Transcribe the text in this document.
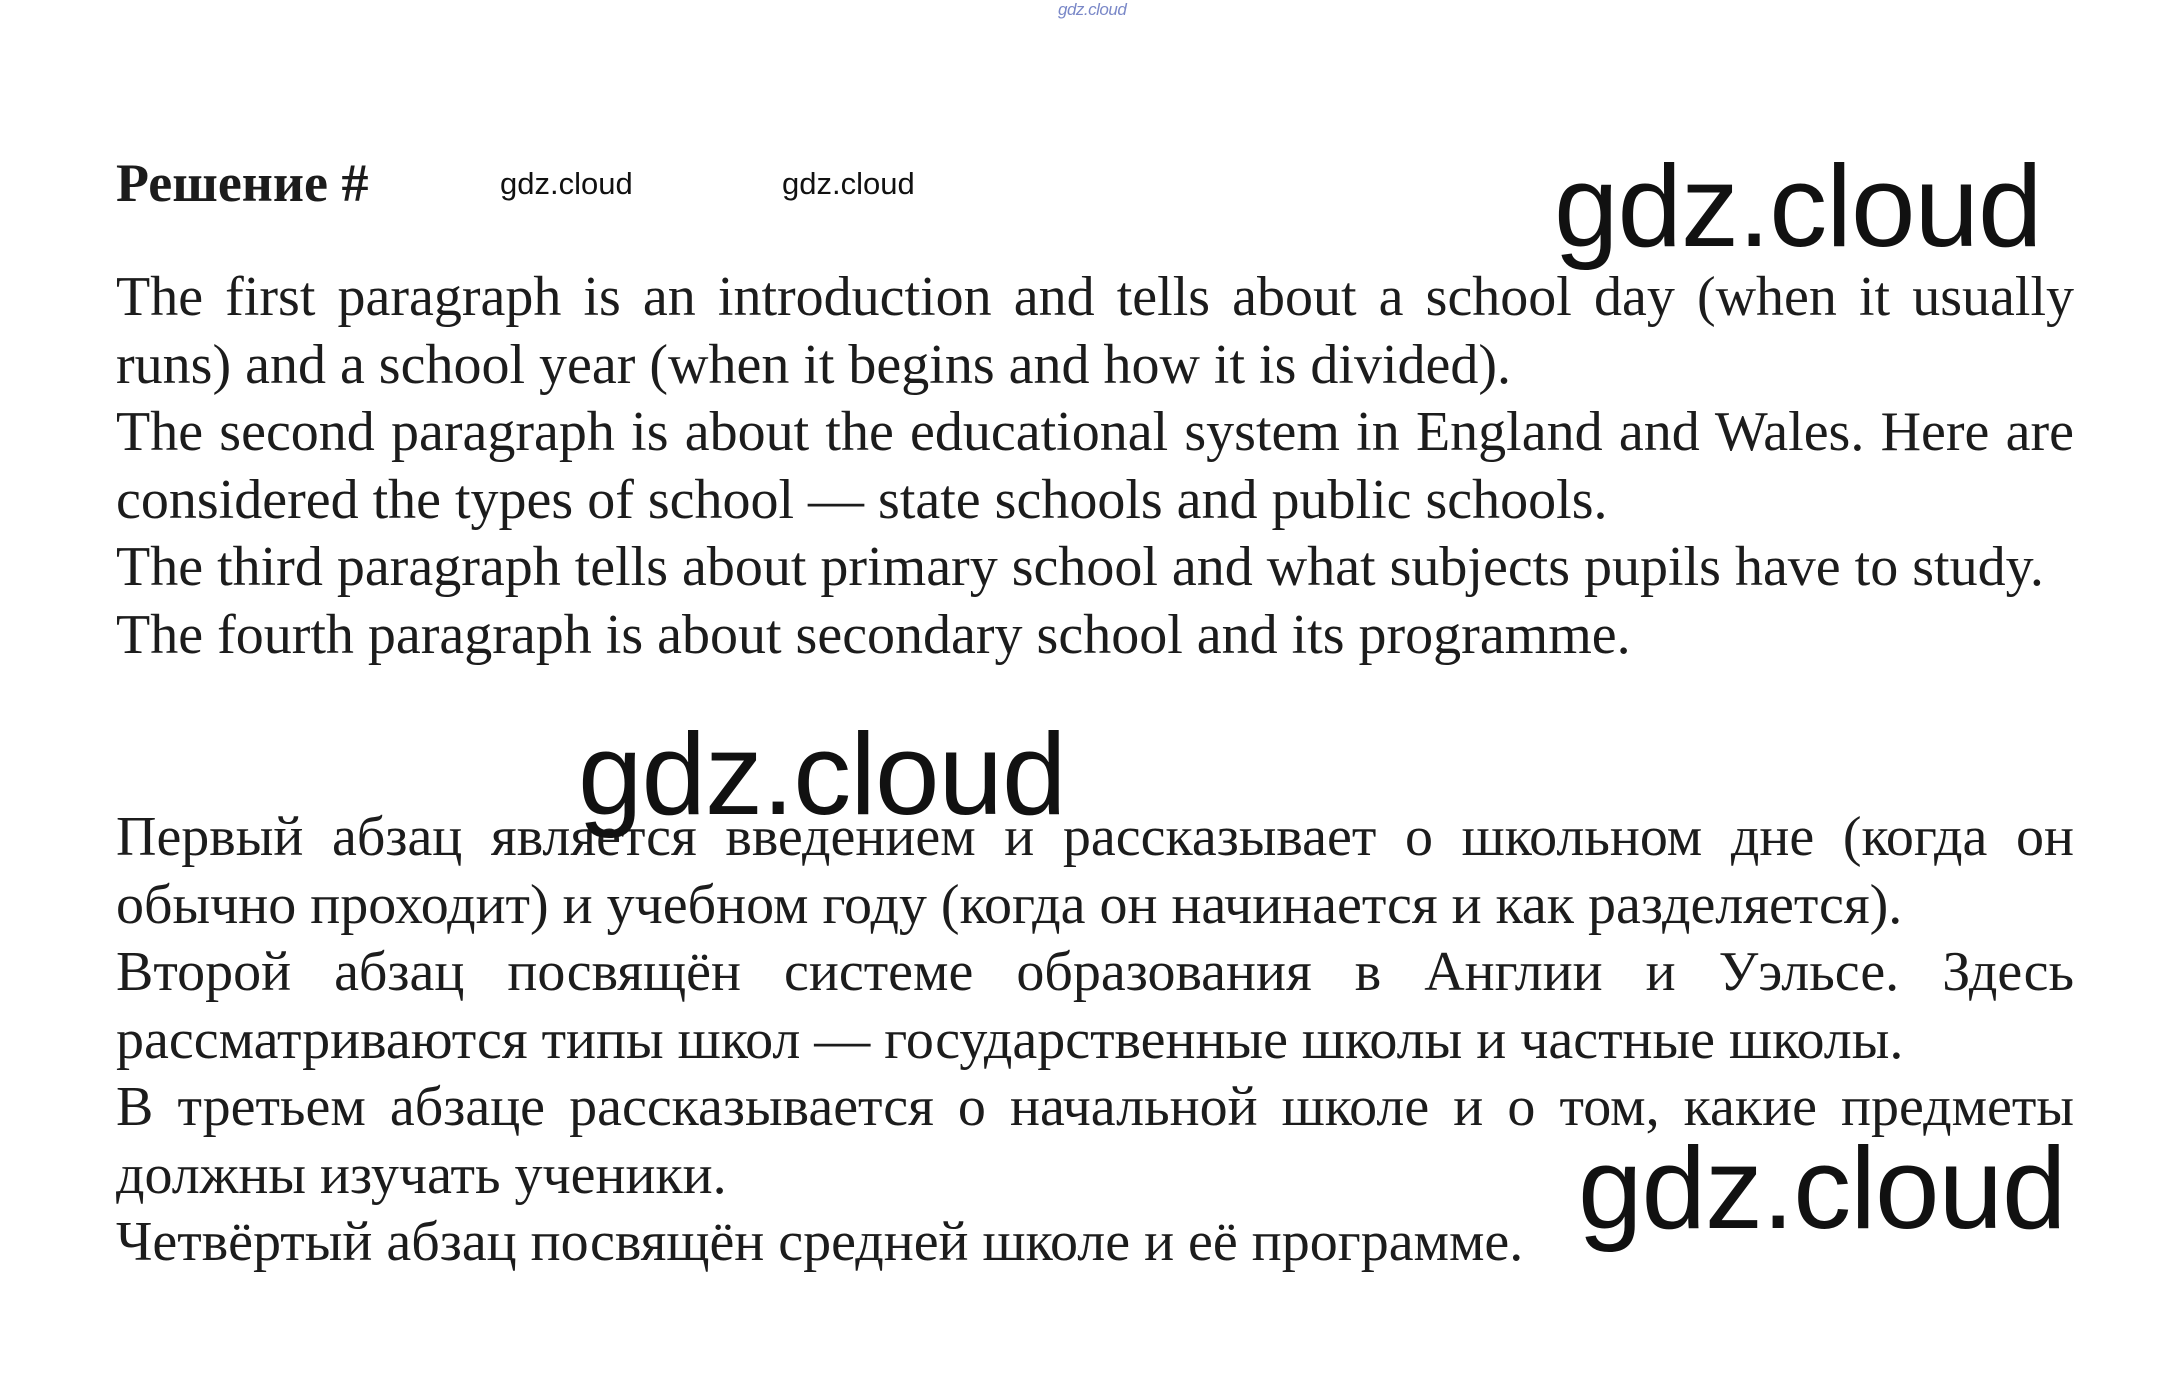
gdz.cloud
Решение #	gdz.cloud	gdz.cloud	gdz.cloud
gdz.cloud
gdz.cloud

The first paragraph is an introduction and tells about a school day (when it usually runs) and a school year (when it begins and how it is divided).

The second paragraph is about the educational system in England and Wales. Here are considered the types of school — state schools and public schools.

The third paragraph tells about primary school and what subjects pupils have to study.

The fourth paragraph is about secondary school and its programme.

Первый абзац является введением и рассказывает о школьном дне (когда он обычно проходит) и учебном году (когда он начинается и как разделяется).

Второй абзац посвящён системе образования в Англии и Уэльсе. Здесь рассматриваются типы школ — государственные школы и частные школы.

В третьем абзаце рассказывается о начальной школе и о том, какие предметы должны изучать ученики.

Четвёртый абзац посвящён средней школе и её программе.
